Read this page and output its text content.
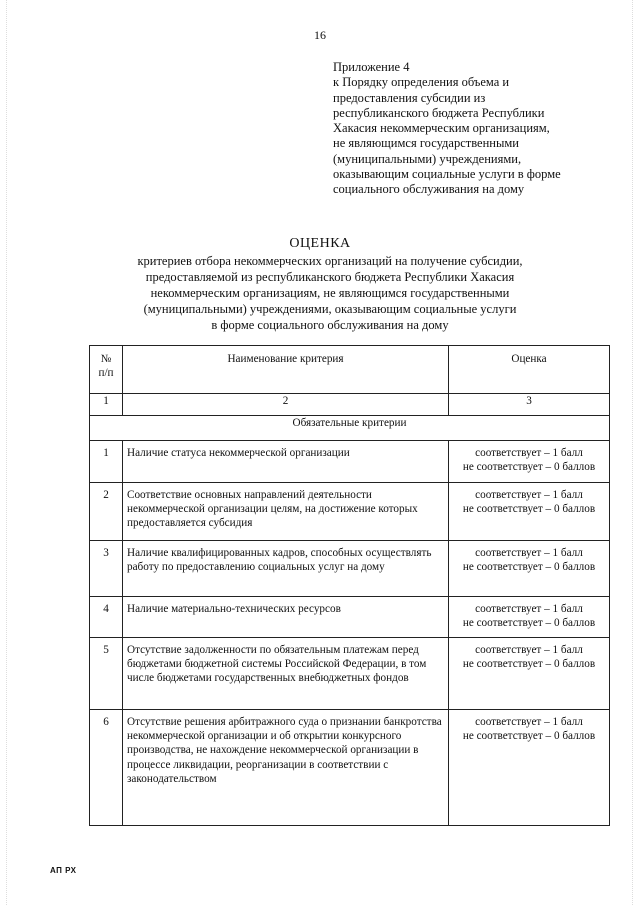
16
Приложение 4
к Порядку определения объема и
предоставления субсидии из
республиканского бюджета Республики
Хакасия некоммерческим организациям,
не являющимся государственными
(муниципальными) учреждениями,
оказывающим социальные услуги в форме
социального обслуживания на дому
ОЦЕНКА
критериев отбора некоммерческих организаций на получение субсидии,
предоставляемой из республиканского бюджета Республики Хакасия
некоммерческим организациям, не являющимся государственными
(муниципальными) учреждениями, оказывающим социальные услуги
в форме социального обслуживания на дому
№
п/п	Наименование критерия	Оценка
1	2	3
Обязательные критерии		
1	Наличие статуса некоммерческой организации	соответствует – 1 балл
не соответствует – 0 баллов

2	Соответствие основных направлений деятельности некоммерческой организации целям, на достижение которых предоставляется субсидия	соответствует – 1 балл
не соответствует – 0 баллов

3	Наличие квалифицированных кадров, способных осуществлять работу по предоставлению социальных услуг на дому	соответствует – 1 балл
не соответствует – 0 баллов

4	Наличие материально-технических ресурсов	соответствует – 1 балл
не соответствует – 0 баллов

5	Отсутствие задолженности по обязательным платежам перед бюджетами бюджетной системы Российской Федерации, в том числе бюджетами государственных внебюджетных фондов	соответствует – 1 балл
не соответствует – 0 баллов

6	Отсутствие решения арбитражного суда о признании банкротства некоммерческой организации и об открытии конкурсного производства, не нахождение некоммерческой организации в процессе ликвидации, реорганизации в соответствии с законодательством	соответствует – 1 балл
не соответствует – 0 баллов
АП РХ
